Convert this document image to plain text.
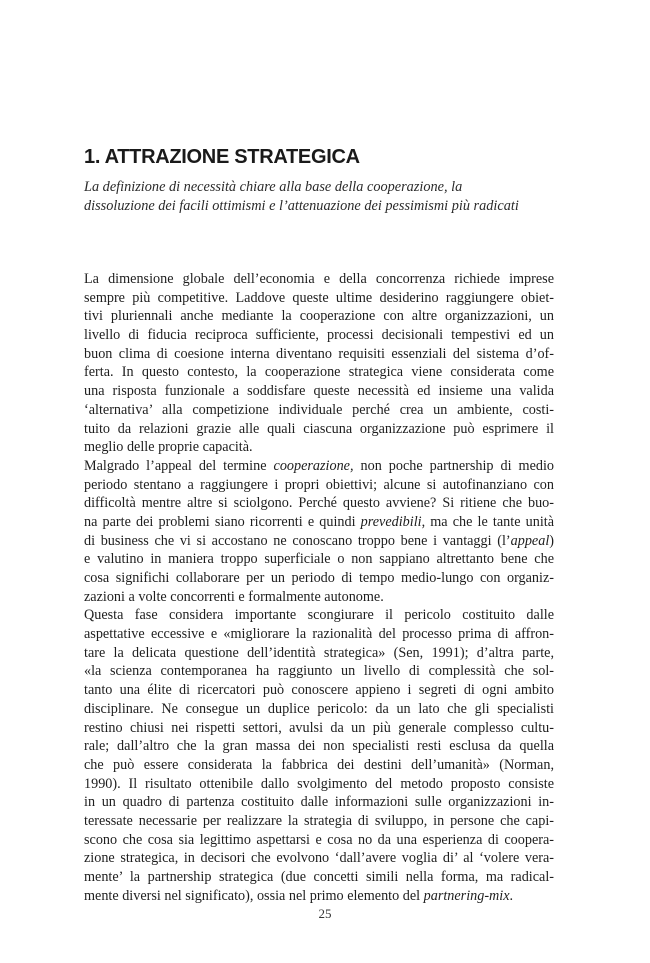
1. ATTRAZIONE STRATEGICA
La definizione di necessità chiare alla base della cooperazione, la
dissoluzione dei facili ottimismi e l’attenuazione dei pessimismi più radicati
La dimensione globale dell’economia e della concorrenza richiede imprese
sempre più competitive. Laddove queste ultime desiderino raggiungere obiet-
tivi pluriennali anche mediante la cooperazione con altre organizzazioni, un
livello di fiducia reciproca sufficiente, processi decisionali tempestivi ed un
buon clima di coesione interna diventano requisiti essenziali del sistema d’of-
ferta. In questo contesto, la cooperazione strategica viene considerata come
una risposta funzionale a soddisfare queste necessità ed insieme una valida
‘alternativa’ alla competizione individuale perché crea un ambiente, costi-
tuito da relazioni grazie alle quali ciascuna organizzazione può esprimere il
meglio delle proprie capacità.
Malgrado l’appeal del termine cooperazione, non poche partnership di medio
periodo stentano a raggiungere i propri obiettivi; alcune si autofinanziano con
difficoltà mentre altre si sciolgono. Perché questo avviene? Si ritiene che buo-
na parte dei problemi siano ricorrenti e quindi prevedibili, ma che le tante unità
di business che vi si accostano ne conoscano troppo bene i vantaggi (l’appeal)
e valutino in maniera troppo superficiale o non sappiano altrettanto bene che
cosa significhi collaborare per un periodo di tempo medio-lungo con organiz-
zazioni a volte concorrenti e formalmente autonome.
Questa fase considera importante scongiurare il pericolo costituito dalle
aspettative eccessive e «migliorare la razionalità del processo prima di affron-
tare la delicata questione dell’identità strategica» (Sen, 1991); d’altra parte,
«la scienza contemporanea ha raggiunto un livello di complessità che sol-
tanto una élite di ricercatori può conoscere appieno i segreti di ogni ambito
disciplinare. Ne consegue un duplice pericolo: da un lato che gli specialisti
restino chiusi nei rispetti settori, avulsi da un più generale complesso cultu-
rale; dall’altro che la gran massa dei non specialisti resti esclusa da quella
che può essere considerata la fabbrica dei destini dell’umanità» (Norman,
1990). Il risultato ottenibile dallo svolgimento del metodo proposto consiste
in un quadro di partenza costituito dalle informazioni sulle organizzazioni in-
teressate necessarie per realizzare la strategia di sviluppo, in persone che capi-
scono che cosa sia legittimo aspettarsi e cosa no da una esperienza di coopera-
zione strategica, in decisori che evolvono ‘dall’avere voglia di’ al ‘volere vera-
mente’ la partnership strategica (due concetti simili nella forma, ma radical-
mente diversi nel significato), ossia nel primo elemento del partnering-mix.
25
